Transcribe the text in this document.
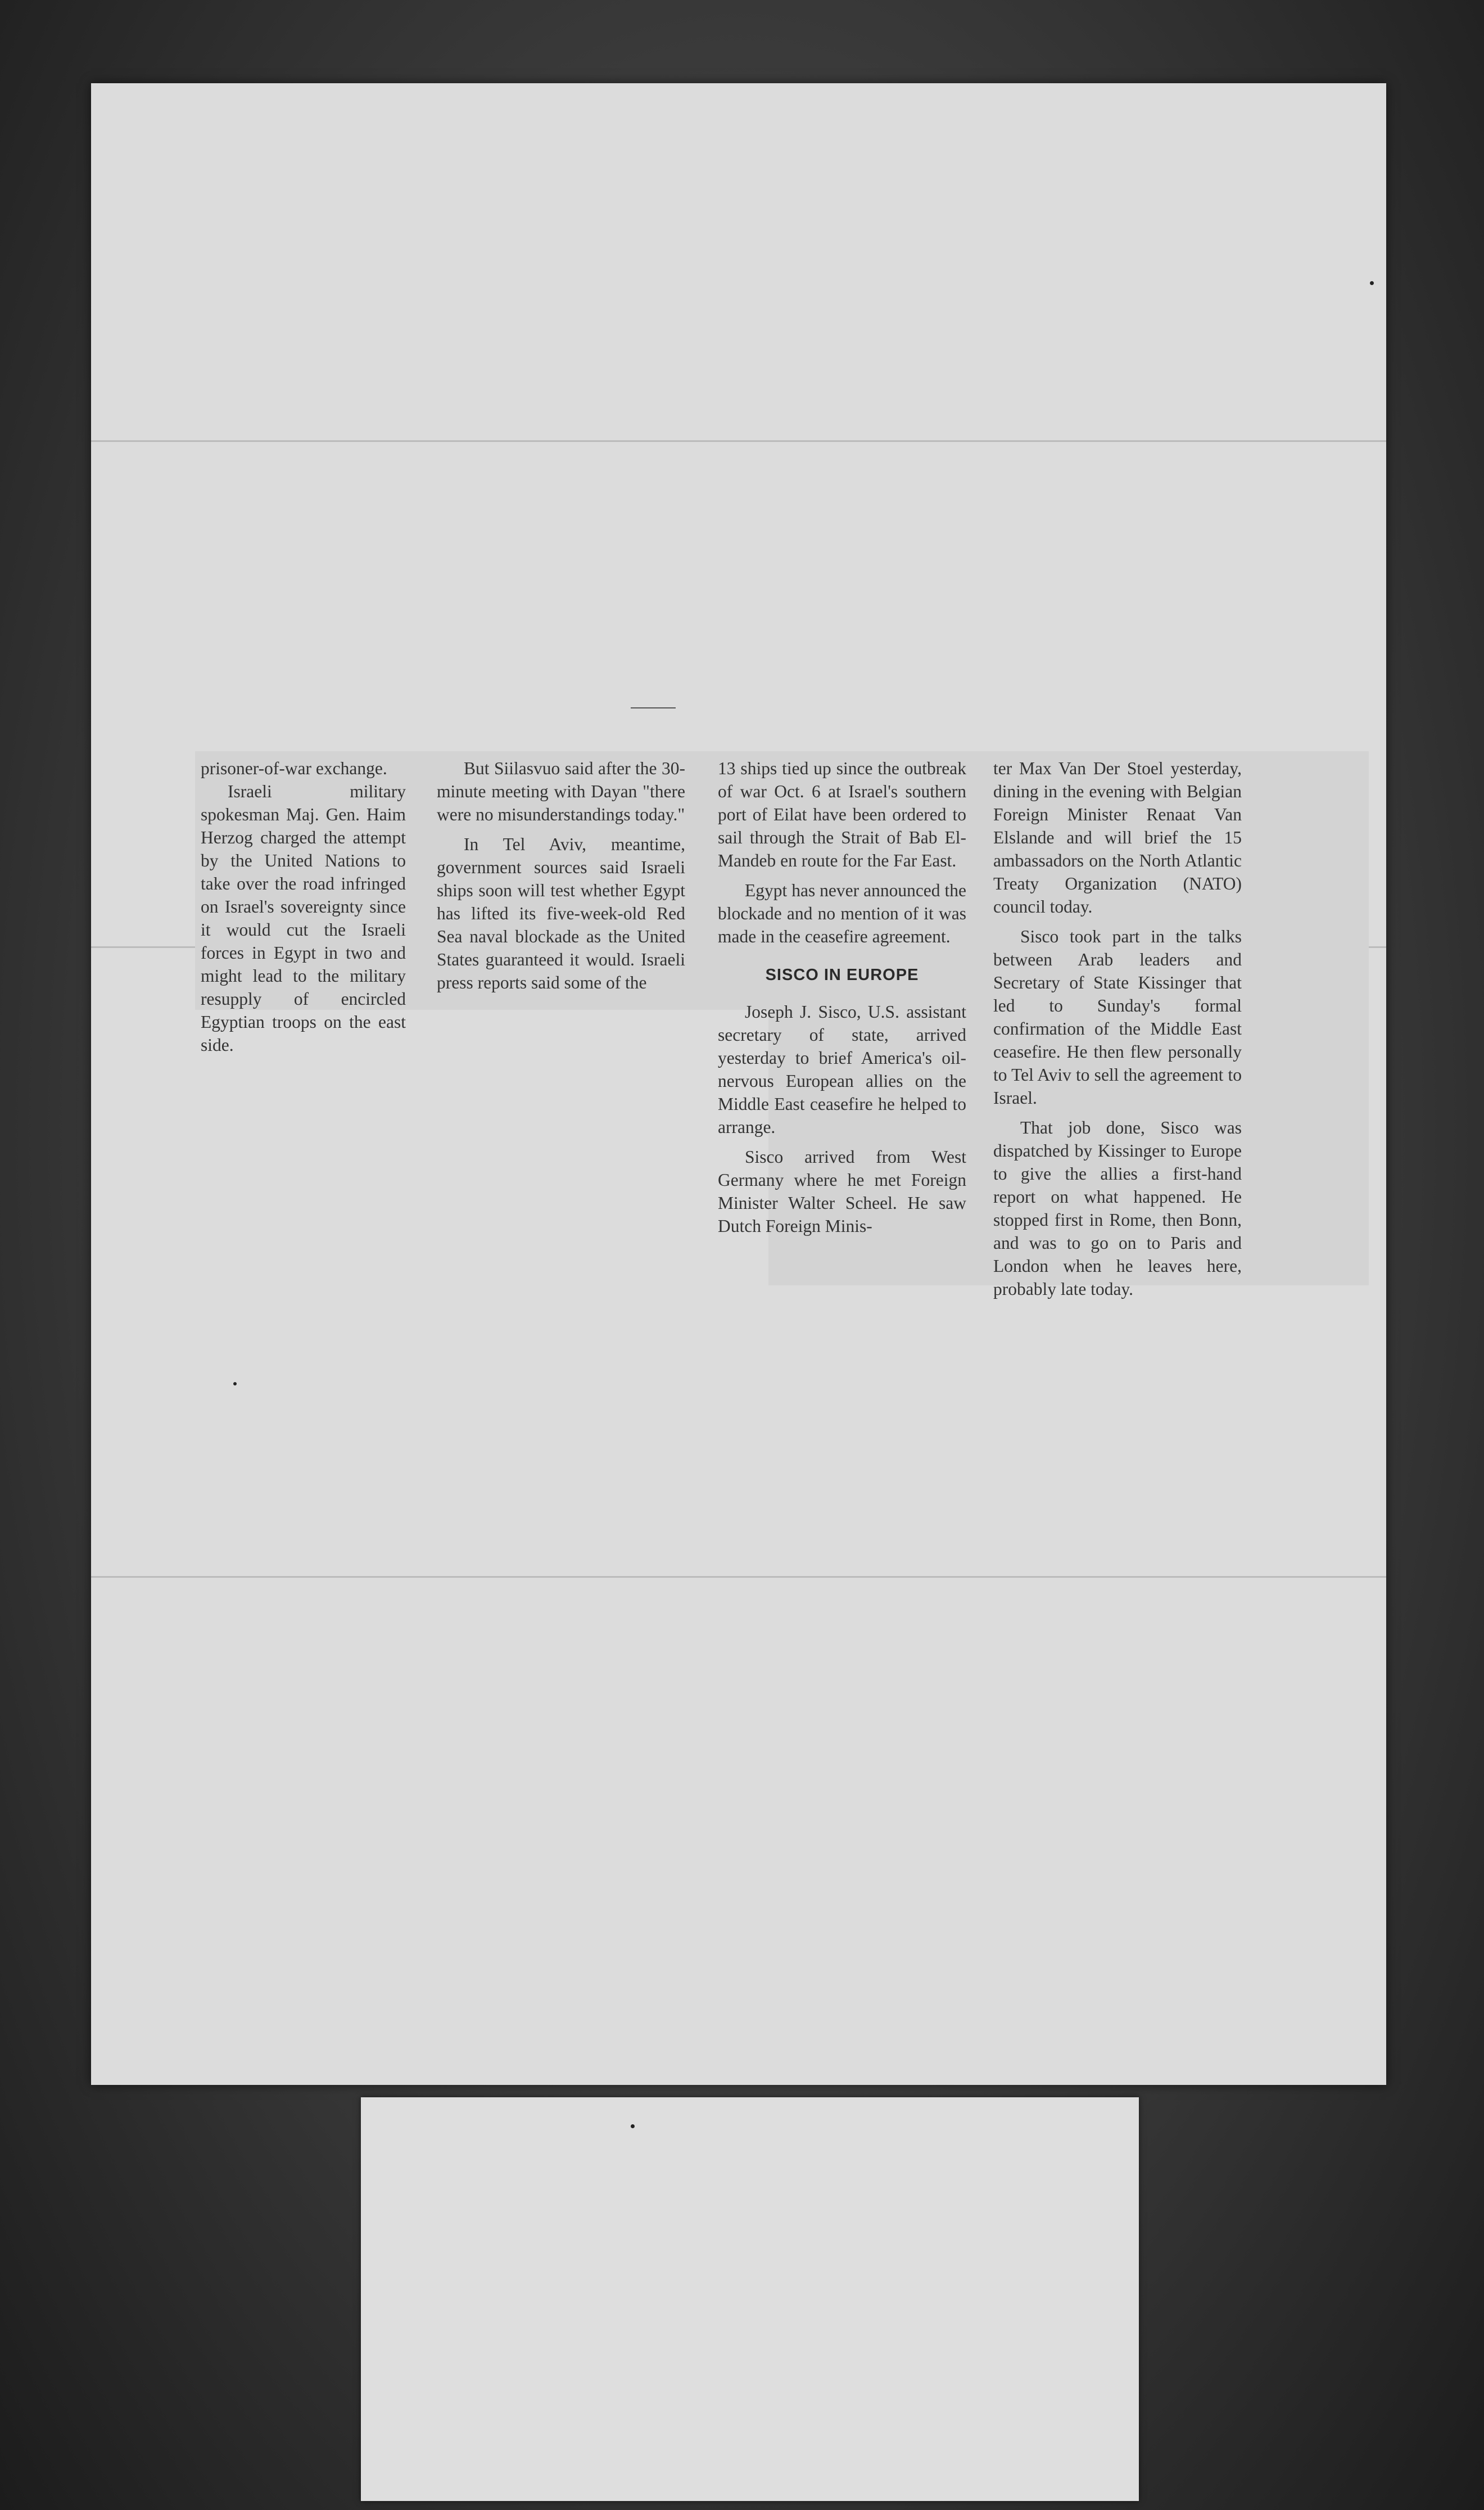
prisoner-of-war exchange.

Israeli military spokesman Maj. Gen. Haim Herzog charged the attempt by the United Nations to take over the road infringed on Israel's sovereignty since it would cut the Israeli forces in Egypt in two and might lead to the military resupply of encircled Egyptian troops on the east side.

But Siilasvuo said after the 30-minute meeting with Dayan "there were no misunderstandings today."

In Tel Aviv, meantime, government sources said Israeli ships soon will test whether Egypt has lifted its five-week-old Red Sea naval blockade as the United States guaranteed it would. Israeli press reports said some of the

13 ships tied up since the outbreak of war Oct. 6 at Israel's southern port of Eilat have been ordered to sail through the Strait of Bab El-Mandeb en route for the Far East.

Egypt has never announced the blockade and no mention of it was made in the ceasefire agreement.

SISCO IN EUROPE

Joseph J. Sisco, U.S. assistant secretary of state, arrived yesterday to brief America's oil-nervous European allies on the Middle East ceasefire he helped to arrange.

Sisco arrived from West Germany where he met Foreign Minister Walter Scheel. He saw Dutch Foreign Minis-

ter Max Van Der Stoel yesterday, dining in the evening with Belgian Foreign Minister Renaat Van Elslande and will brief the 15 ambassadors on the North Atlantic Treaty Organization (NATO) council today.

Sisco took part in the talks between Arab leaders and Secretary of State Kissinger that led to Sunday's formal confirmation of the Middle East ceasefire. He then flew personally to Tel Aviv to sell the agreement to Israel.

That job done, Sisco was dispatched by Kissinger to Europe to give the allies a first-hand report on what happened. He stopped first in Rome, then Bonn, and was to go on to Paris and London when he leaves here, probably late today.
